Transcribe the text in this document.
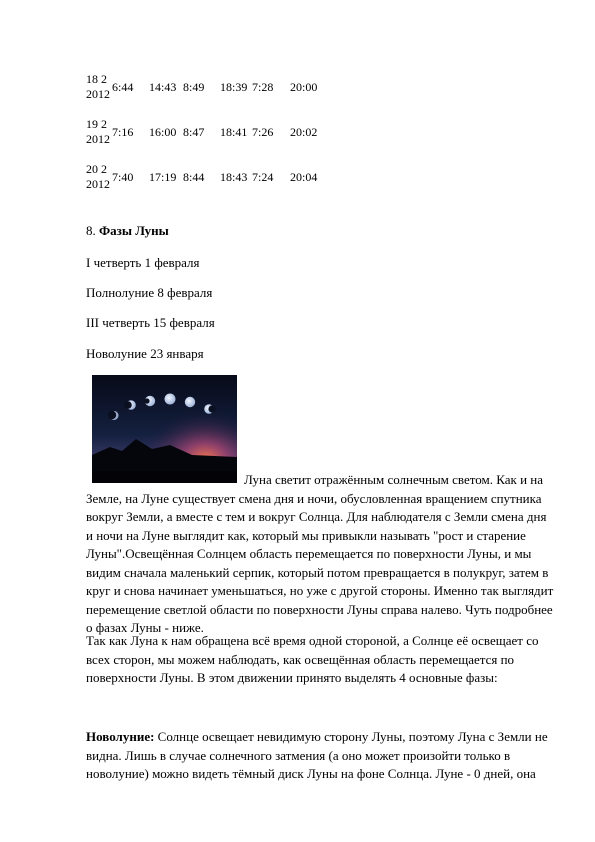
18 2 2012 6:44 14:43 8:49 18:39 7:28 20:00
19 2 2012 7:16 16:00 8:47 18:41 7:26 20:02
20 2 2012 7:40 17:19 8:44 18:43 7:24 20:04

8. Фазы Луны

I четверть 1 февраля

Полнолуние 8 февраля

III четверть 15 февраля

Новолуние 23 января

Луна светит отражённым солнечным светом. Как и на Земле, на Луне существует смена дня и ночи, обусловленная вращением спутника вокруг Земли, а вместе с тем и вокруг Солнца. Для наблюдателя с Земли смена дня и ночи на Луне выглядит как, который мы привыкли называть "рост и старение Луны".Освещённая Солнцем область перемещается по поверхности Луны, и мы видим сначала маленький серпик, который потом превращается в полукруг, затем в круг и снова начинает уменьшаться, но уже с другой стороны. Именно так выглядит перемещение светлой области по поверхности Луны справа налево. Чуть подробнее о фазах Луны - ниже.

Так как Луна к нам обращена всё время одной стороной, а Солнце её освещает со всех сторон, мы можем наблюдать, как освещённая область перемещается по поверхности Луны. В этом движении принято выделять 4 основные фазы:

Новолуние: Солнце освещает невидимую сторону Луны, поэтому Луна с Земли не видна. Лишь в случае солнечного затмения (а оно может произойти только в новолуние) можно видеть тёмный диск Луны на фоне Солнца. Луне - 0 дней, она
